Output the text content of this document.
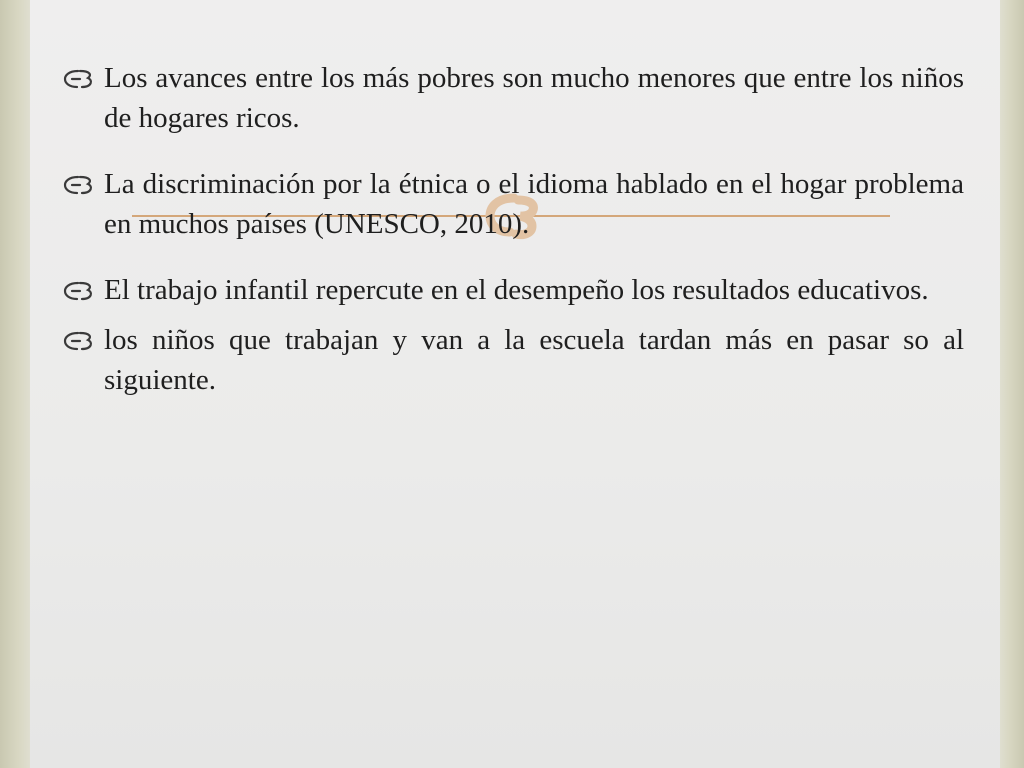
Los avances entre los más pobres son mucho menores que entre los niños de hogares ricos.
La discriminación por la étnica o el idioma hablado en el hogar problema en muchos países (UNESCO, 2010).
El trabajo infantil repercute en el desempeño los resultados educativos.
los niños que trabajan y van a la escuela tardan más en pasar so al siguiente.
